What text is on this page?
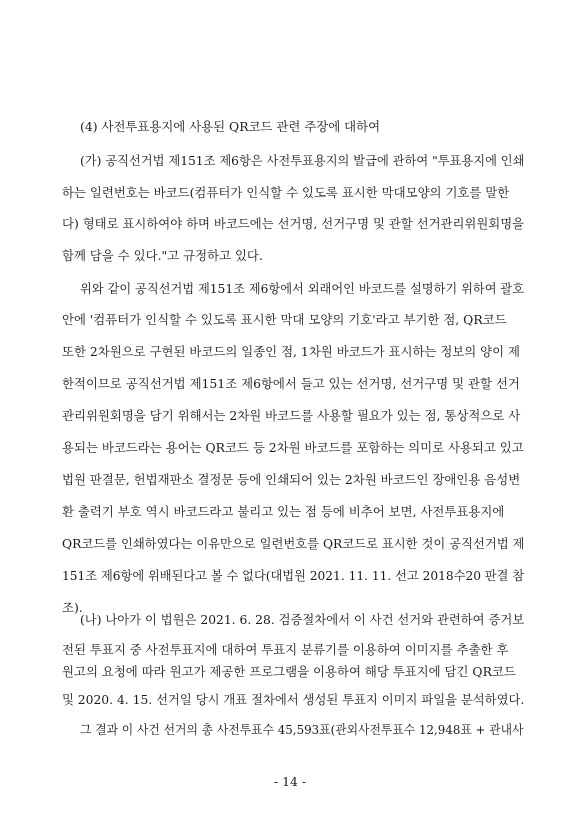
(4) 사전투표용지에 사용된 QR코드 관련 주장에 대하여
(가) 공직선거법 제151조 제6항은 사전투표용지의 발급에 관하여 "투표용지에 인쇄
하는 일련번호는 바코드(컴퓨터가 인식할 수 있도록 표시한 막대모양의 기호를 말한
다) 형태로 표시하여야 하며 바코드에는 선거명, 선거구명 및 관할 선거관리위원회명을
함께 담을 수 있다."고 규정하고 있다.
위와 같이 공직선거법 제151조 제6항에서 외래어인 바코드를 설명하기 위하여 괄호
안에 '컴퓨터가 인식할 수 있도록 표시한 막대 모양의 기호'라고 부기한 점, QR코드
또한 2차원으로 구현된 바코드의 일종인 점, 1차원 바코드가 표시하는 정보의 양이 제
한적이므로 공직선거법 제151조 제6항에서 들고 있는 선거명, 선거구명 및 관할 선거
관리위원회명을 담기 위해서는 2차원 바코드를 사용할 필요가 있는 점, 통상적으로 사
용되는 바코드라는 용어는 QR코드 등 2차원 바코드를 포함하는 의미로 사용되고 있고
법원 판결문, 헌법재판소 결정문 등에 인쇄되어 있는 2차원 바코드인 장애인용 음성변
환 출력기 부호 역시 바코드라고 불리고 있는 점 등에 비추어 보면, 사전투표용지에
QR코드를 인쇄하였다는 이유만으로 일련번호를 QR코드로 표시한 것이 공직선거법 제
151조 제6항에 위배된다고 볼 수 없다(대법원 2021. 11. 11. 선고 2018수20 판결 참
조).
(나) 나아가 이 법원은 2021. 6. 28. 검증절차에서 이 사건 선거와 관련하여 증거보
전된 투표지 중 사전투표지에 대하여 투표지 분류기를 이용하여 이미지를 추출한 후
원고의 요청에 따라 원고가 제공한 프로그램을 이용하여 해당 투표지에 담긴 QR코드
및 2020. 4. 15. 선거일 당시 개표 절차에서 생성된 투표지 이미지 파일을 분석하였다.
- 14 -
그 결과 이 사건 선거의 총 사전투표수 45,593표(관외사전투표수 12,948표 + 관내사
